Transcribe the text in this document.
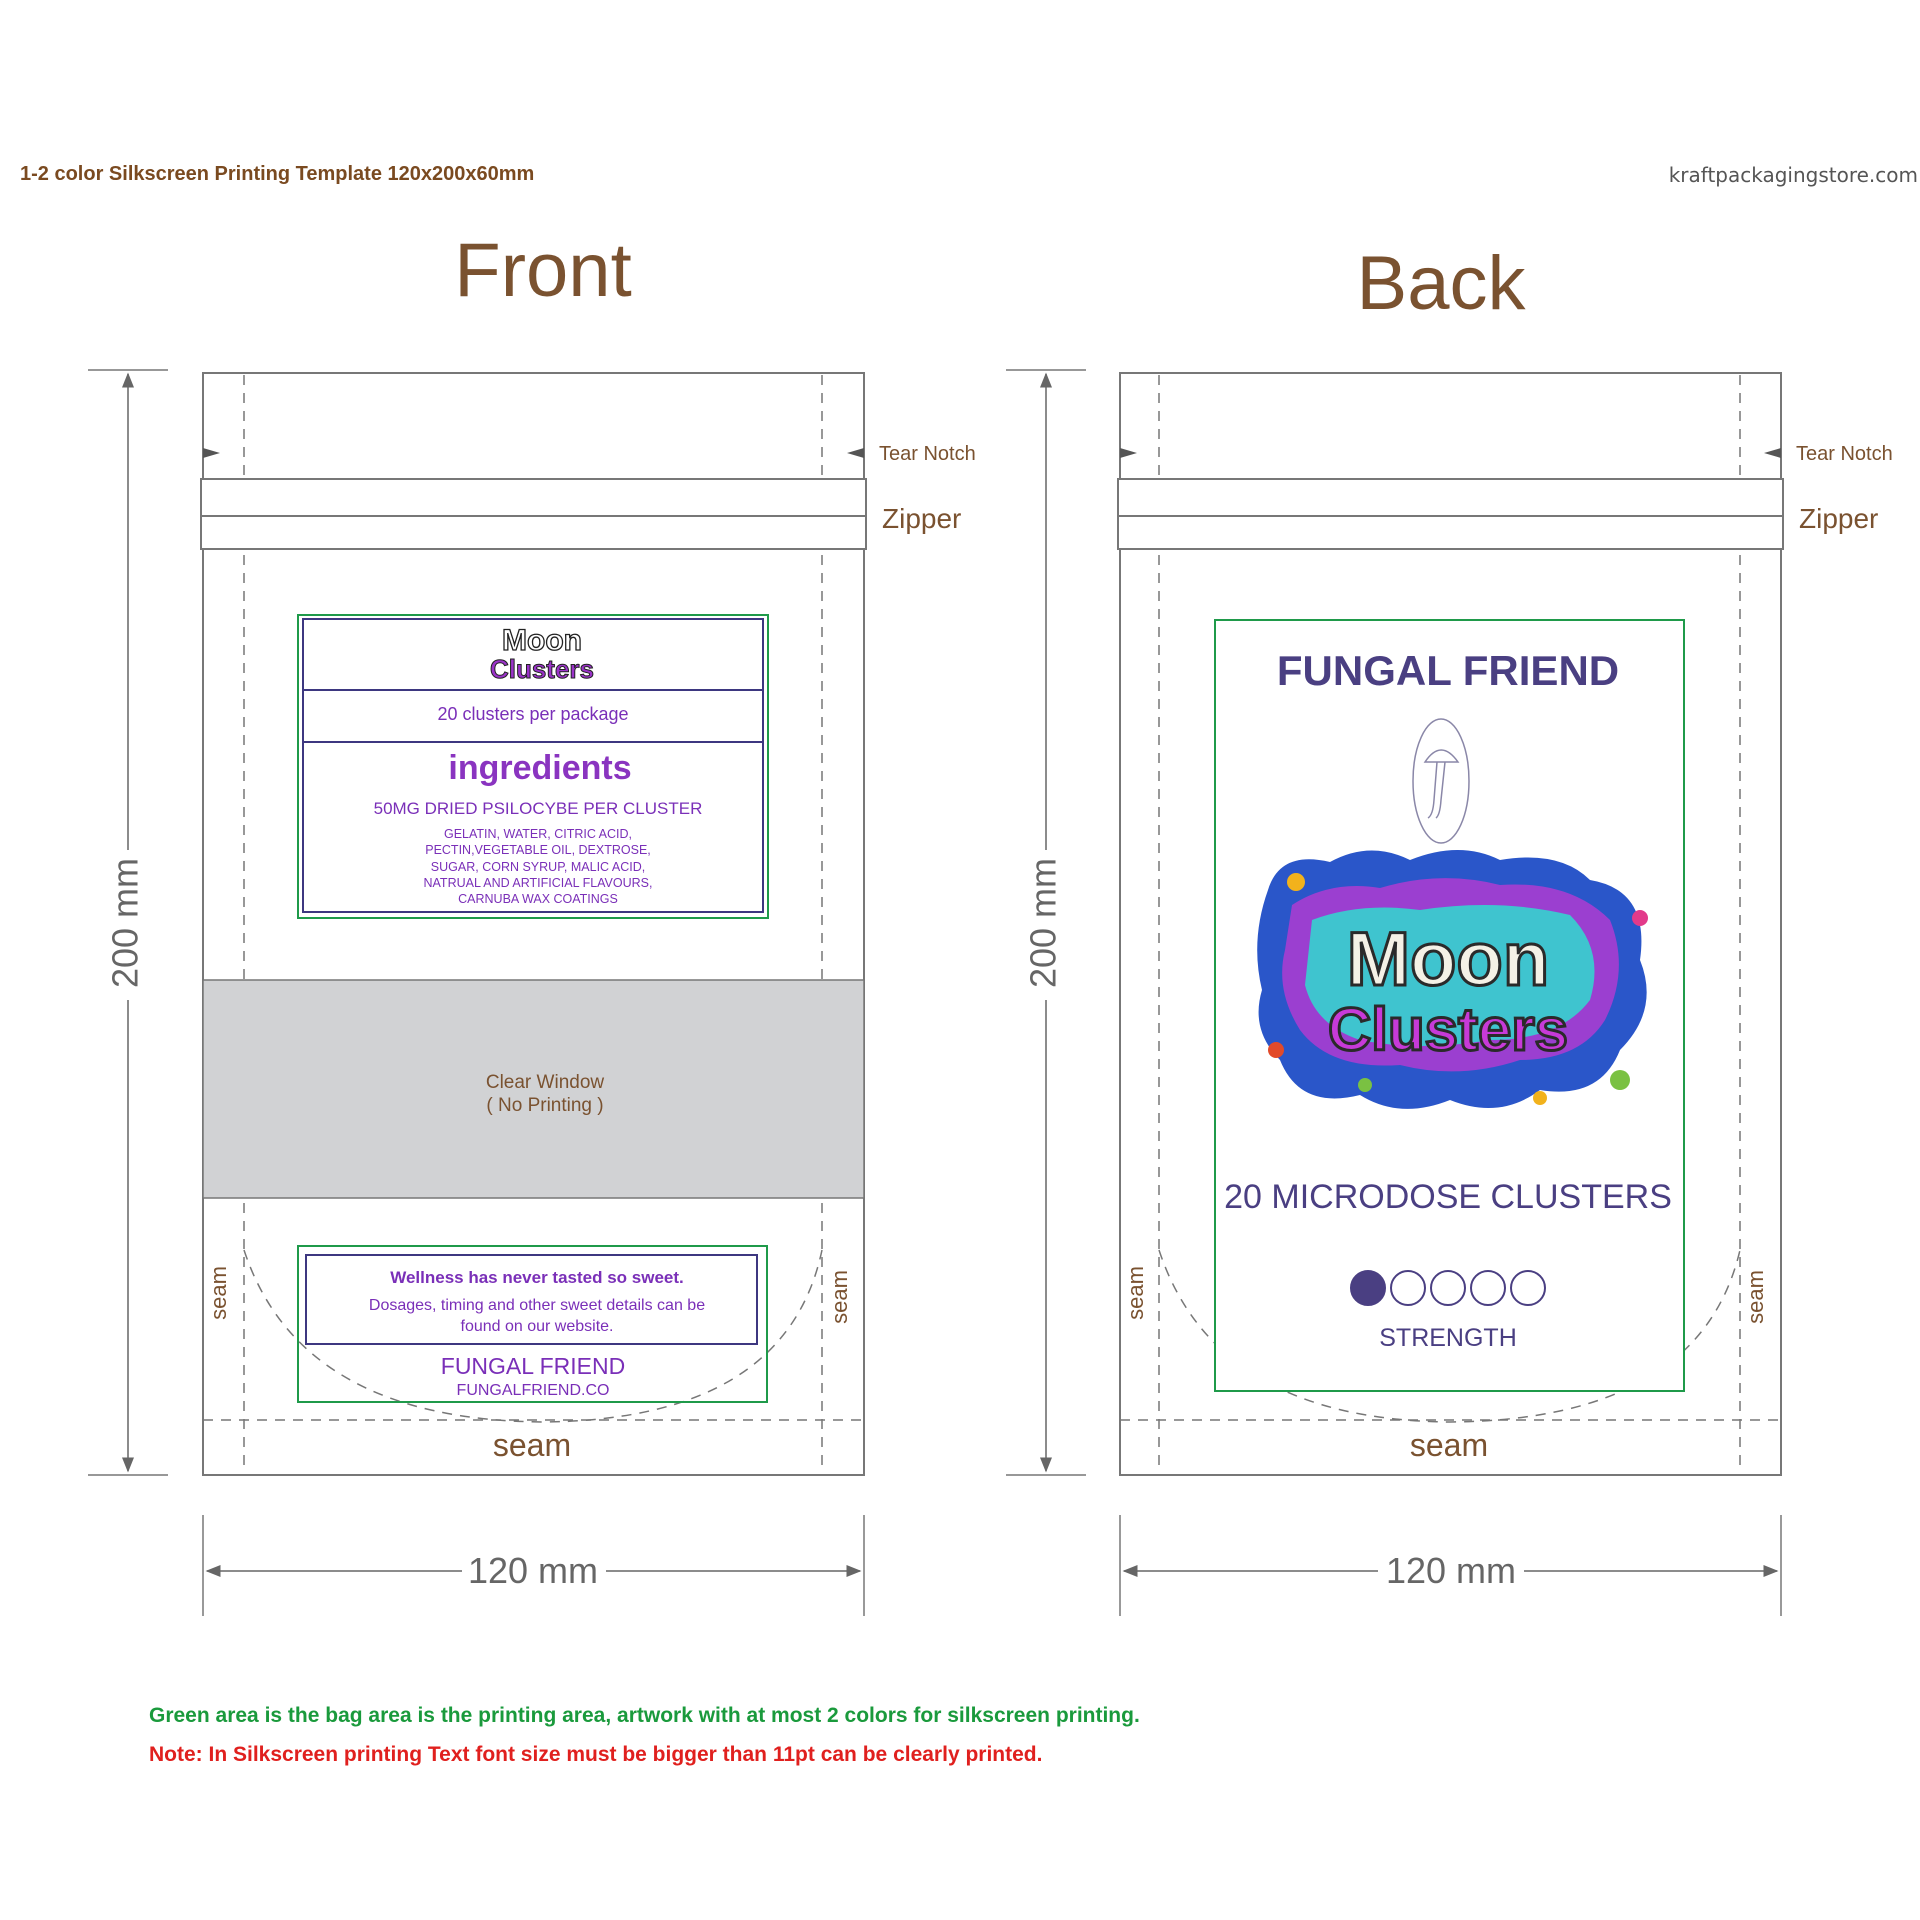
1-2 color Silkscreen Printing Template 120x200x60mm	kraftpackagingstore.com
Front
200 mm
Tear Notch
Zipper
Moon
Clusters
20 clusters per package
ingredients
50MG DRIED PSILOCYBE PER CLUSTER
GELATIN, WATER, CITRIC ACID,
PECTIN,VEGETABLE OIL, DEXTROSE,
SUGAR, CORN SYRUP, MALIC ACID,
NATRUAL AND ARTIFICIAL FLAVOURS,
CARNUBA WAX COATINGS
Clear Window
( No Printing )
Wellness has never tasted so sweet.
Dosages, timing and other sweet details can be
found on our website.
FUNGAL FRIEND
FUNGALFRIEND.CO
seam	seam
seam
120 mm
Back
200 mm
Tear Notch
Zipper
FUNGAL FRIEND
Moon
Clusters
20 MICRODOSE CLUSTERS
STRENGTH
seam	seam
seam
120 mm
Green area is the bag area is the printing area, artwork with at most 2 colors for silkscreen printing.
Note: In Silkscreen printing Text font size must be bigger than 11pt can be clearly printed.
